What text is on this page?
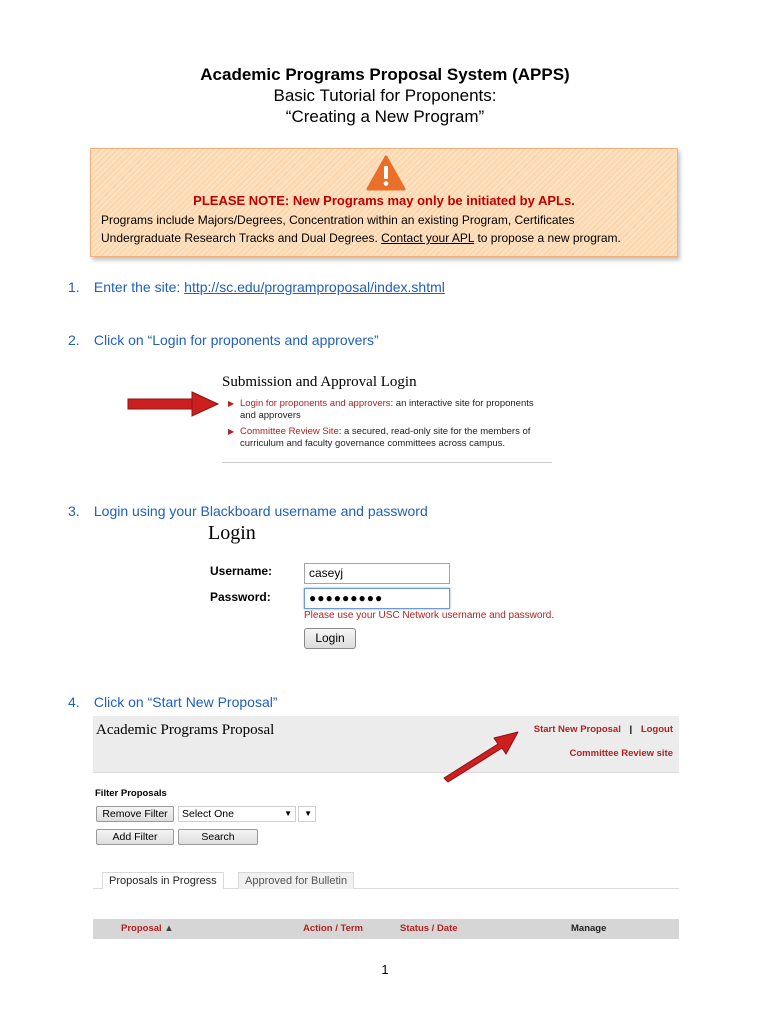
Academic Programs Proposal System (APPS)
Basic Tutorial for Proponents:
“Creating a New Program”
PLEASE NOTE: New Programs may only be initiated by APLs.
Programs include Majors/Degrees, Concentration within an existing Program, Certificates
Undergraduate Research Tracks and Dual Degrees. Contact your APL to propose a new program.
1. Enter the site: http://sc.edu/programproposal/index.shtml
2. Click on “Login for proponents and approvers”
Submission and Approval Login
▶ Login for proponents and approvers: an interactive site for proponents
and approvers
▶ Committee Review Site: a secured, read-only site for the members of
curriculum and faculty governance committees across campus.
3. Login using your Blackboard username and password
Login
Username:	caseyj
Password:	●●●●●●●●●
Please use your USC Network username and password.
Login
4. Click on “Start New Proposal”
Academic Programs Proposal	Start New Proposal | Logout
Committee Review site
Filter Proposals
Remove Filter	Select One	▼ ▼
Add Filter	Search
Proposals in Progress	Approved for Bulletin
Proposal ▲	Action / Term	Status / Date	Manage
1
